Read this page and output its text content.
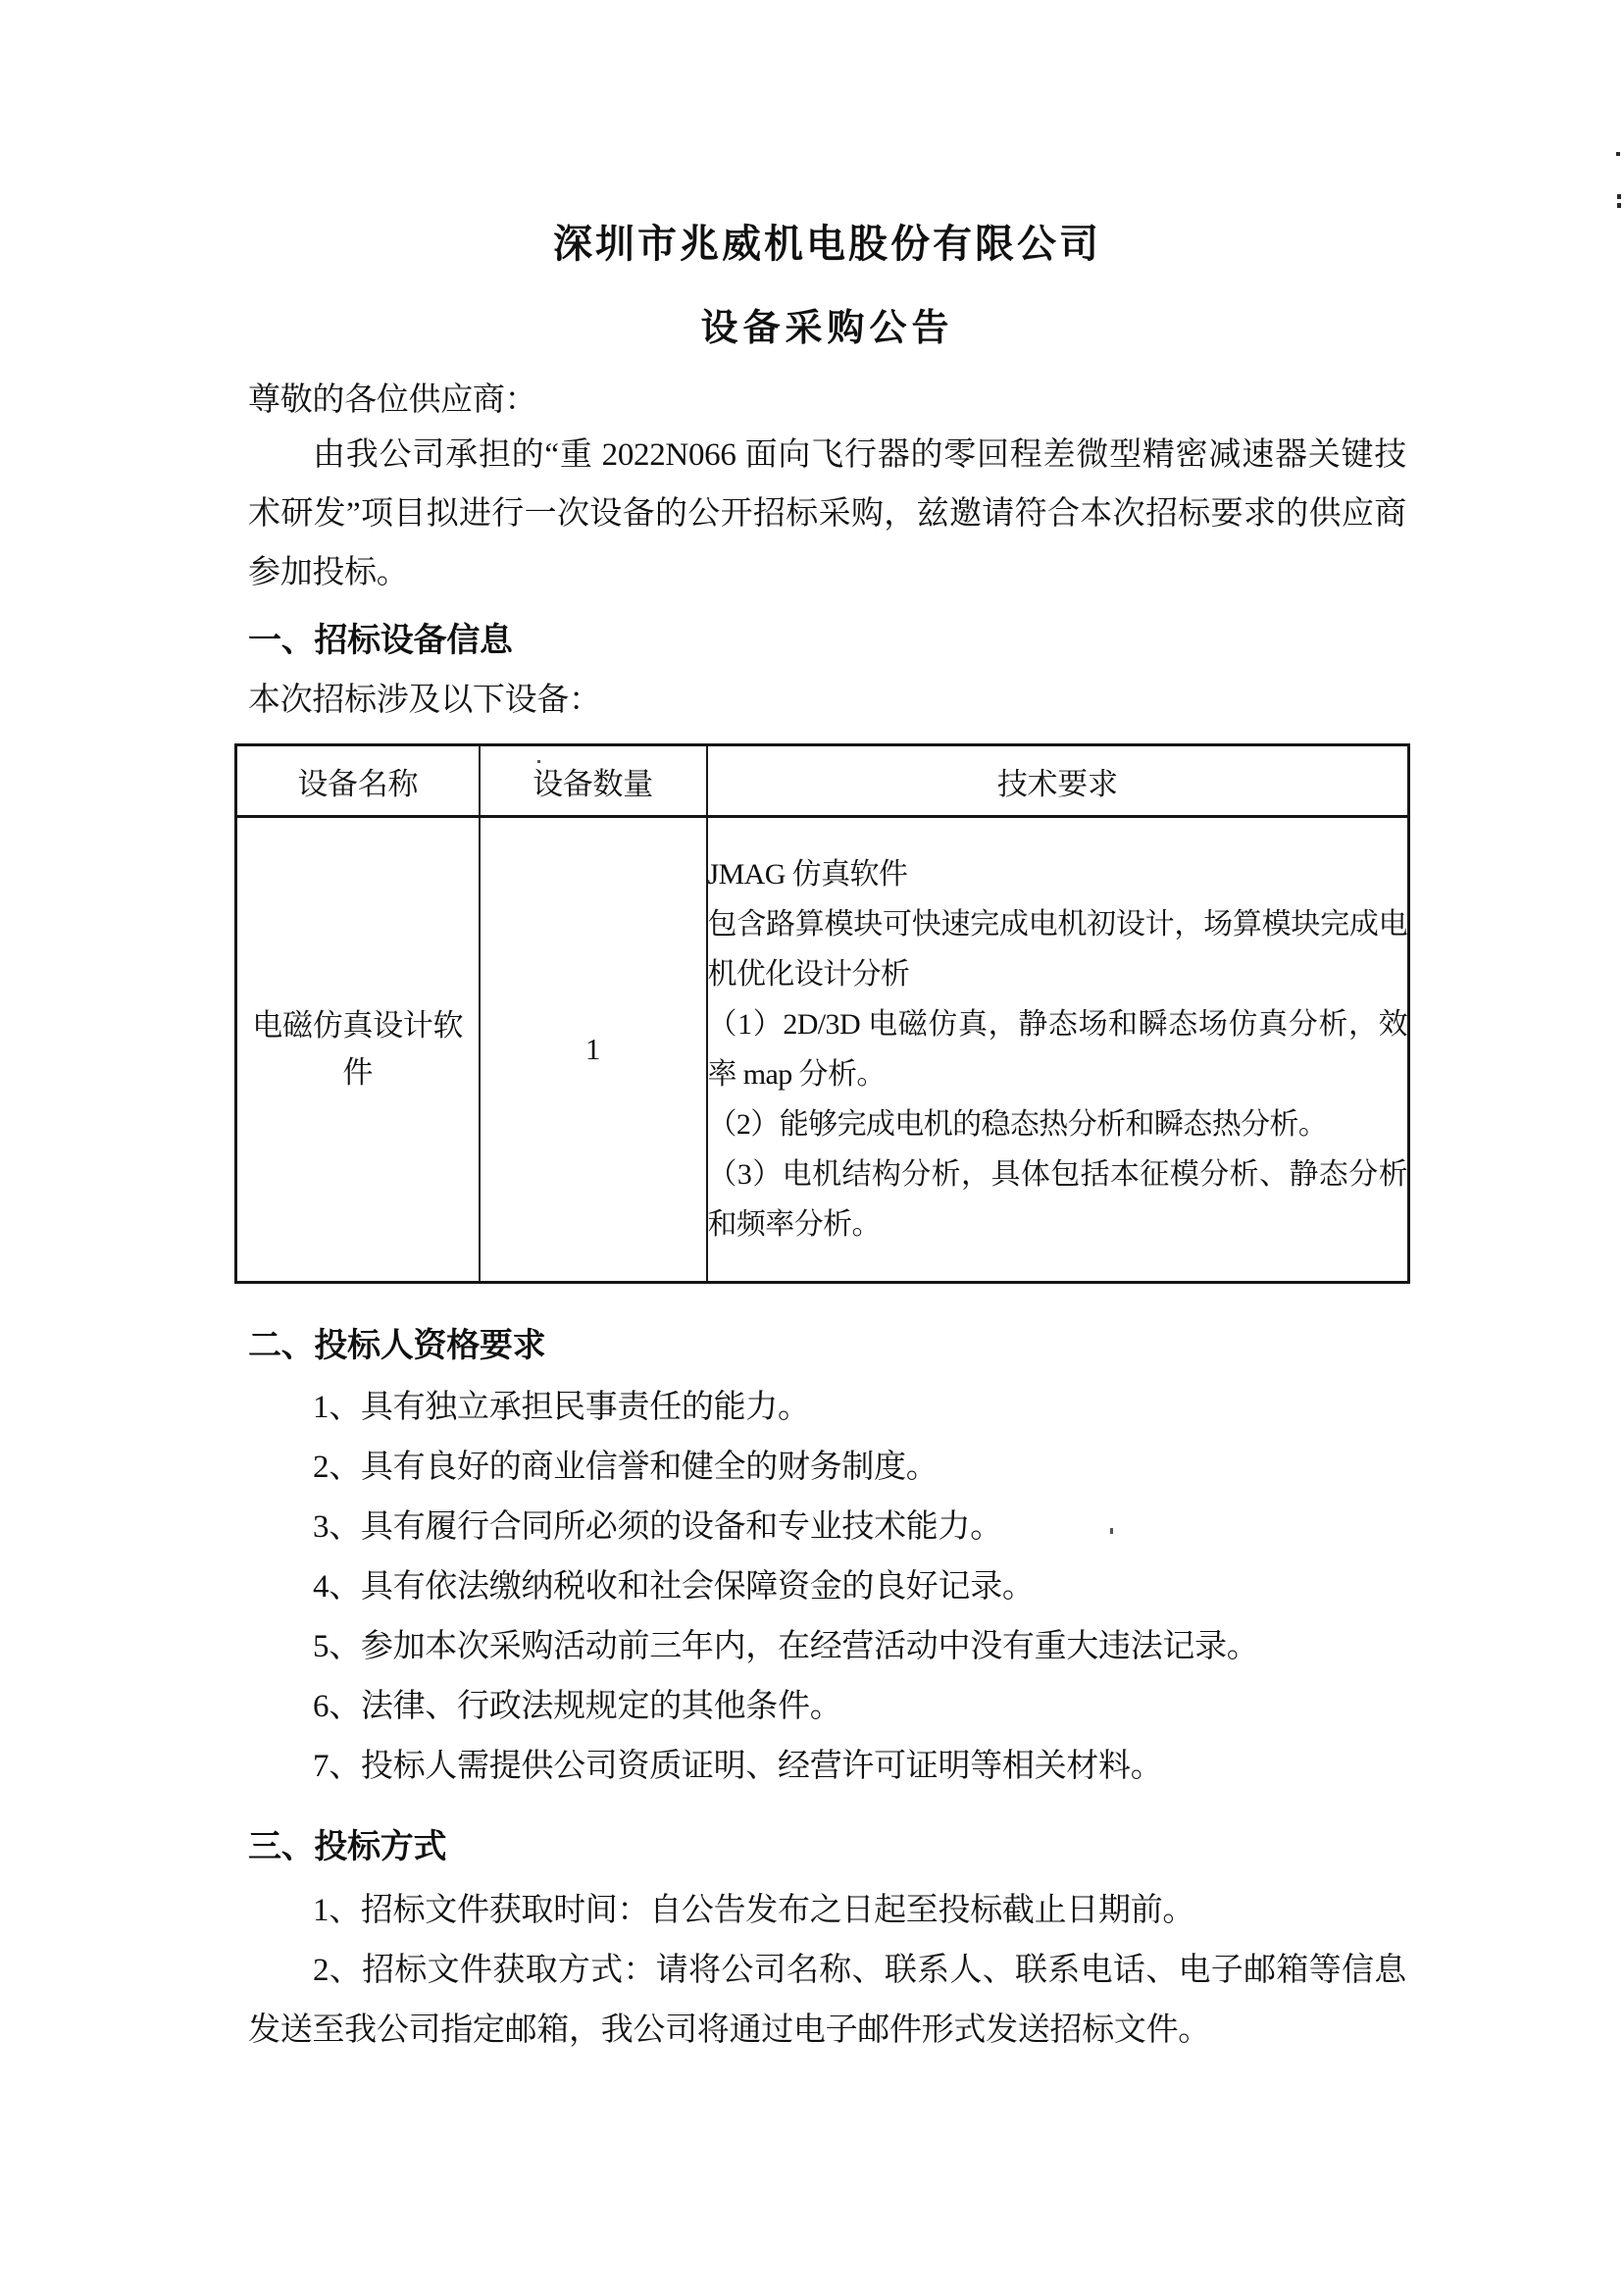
深圳市兆威机电股份有限公司
设备采购公告

尊敬的各位供应商：

由我公司承担的“重 2022N066 面向飞行器的零回程差微型精密减速器关键技术研发”项目拟进行一次设备的公开招标采购，兹邀请符合本次招标要求的供应商参加投标。

一、招标设备信息

本次招标涉及以下设备：

设备名称	设备数量	技术要求
电磁仿真设计软件	1	JMAG 仿真软件

包含路算模块可快速完成电机初设计，场算模块完成电机优化设计分析

（1）2D/3D 电磁仿真，静态场和瞬态场仿真分析，效率 map 分析。

（2）能够完成电机的稳态热分析和瞬态热分析。

（3）电机结构分析，具体包括本征模分析、静态分析和频率分析。

二、投标人资格要求

1、具有独立承担民事责任的能力。

2、具有良好的商业信誉和健全的财务制度。

3、具有履行合同所必须的设备和专业技术能力。

4、具有依法缴纳税收和社会保障资金的良好记录。

5、参加本次采购活动前三年内，在经营活动中没有重大违法记录。

6、法律、行政法规规定的其他条件。

7、投标人需提供公司资质证明、经营许可证明等相关材料。

三、投标方式

1、招标文件获取时间：自公告发布之日起至投标截止日期前。

2、招标文件获取方式：请将公司名称、联系人、联系电话、电子邮箱等信息发送至我公司指定邮箱，我公司将通过电子邮件形式发送招标文件。
